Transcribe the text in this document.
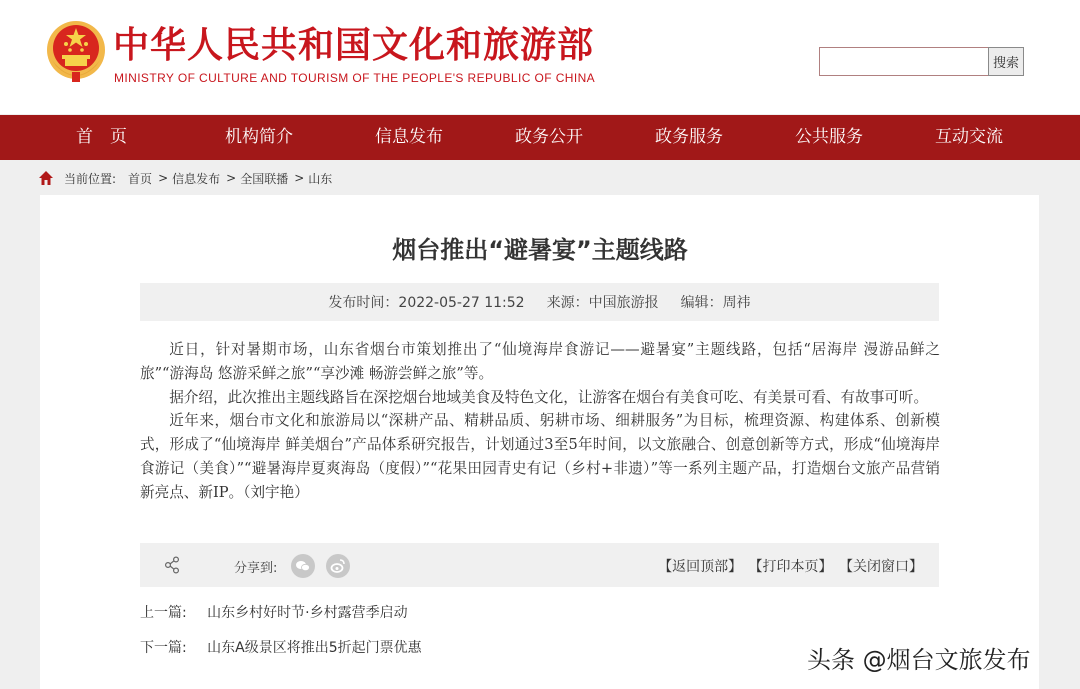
中华人民共和国文化和旅游部
MINISTRY OF CULTURE AND TOURISM OF THE PEOPLE'S REPUBLIC OF CHINA
搜索
首　页	机构简介	信息发布	政务公开	政务服务	公共服务	互动交流
当前位置: 首页 > 信息发布 > 全国联播 > 山东
烟台推出“避暑宴”主题线路
发布时间：2022-05-27 11:52 来源：中国旅游报 编辑：周祎

近日，针对暑期市场，山东省烟台市策划推出了“仙境海岸食游记——避暑宴”主题线路，包括“居海岸 漫游品鲜之旅”“游海岛 悠游采鲜之旅”“享沙滩 畅游尝鲜之旅”等。

据介绍，此次推出主题线路旨在深挖烟台地域美食及特色文化，让游客在烟台有美食可吃、有美景可看、有故事可听。

近年来，烟台市文化和旅游局以“深耕产品、精耕品质、躬耕市场、细耕服务”为目标，梳理资源、构建体系、创新模式，形成了“仙境海岸 鲜美烟台”产品体系研究报告，计划通过3至5年时间，以文旅融合、创意创新等方式，形成“仙境海岸食游记（美食）”“避暑海岸夏爽海岛（度假）”“花果田园青史有记（乡村+非遗）”等一系列主题产品，打造烟台文旅产品营销新亮点、新IP。（刘宇艳）

分享到:	【返回顶部】 【打印本页】 【关闭窗口】
上一篇: 山东乡村好时节·乡村露营季启动
下一篇: 山东A级景区将推出5折起门票优惠	头条 @烟台文旅发布
